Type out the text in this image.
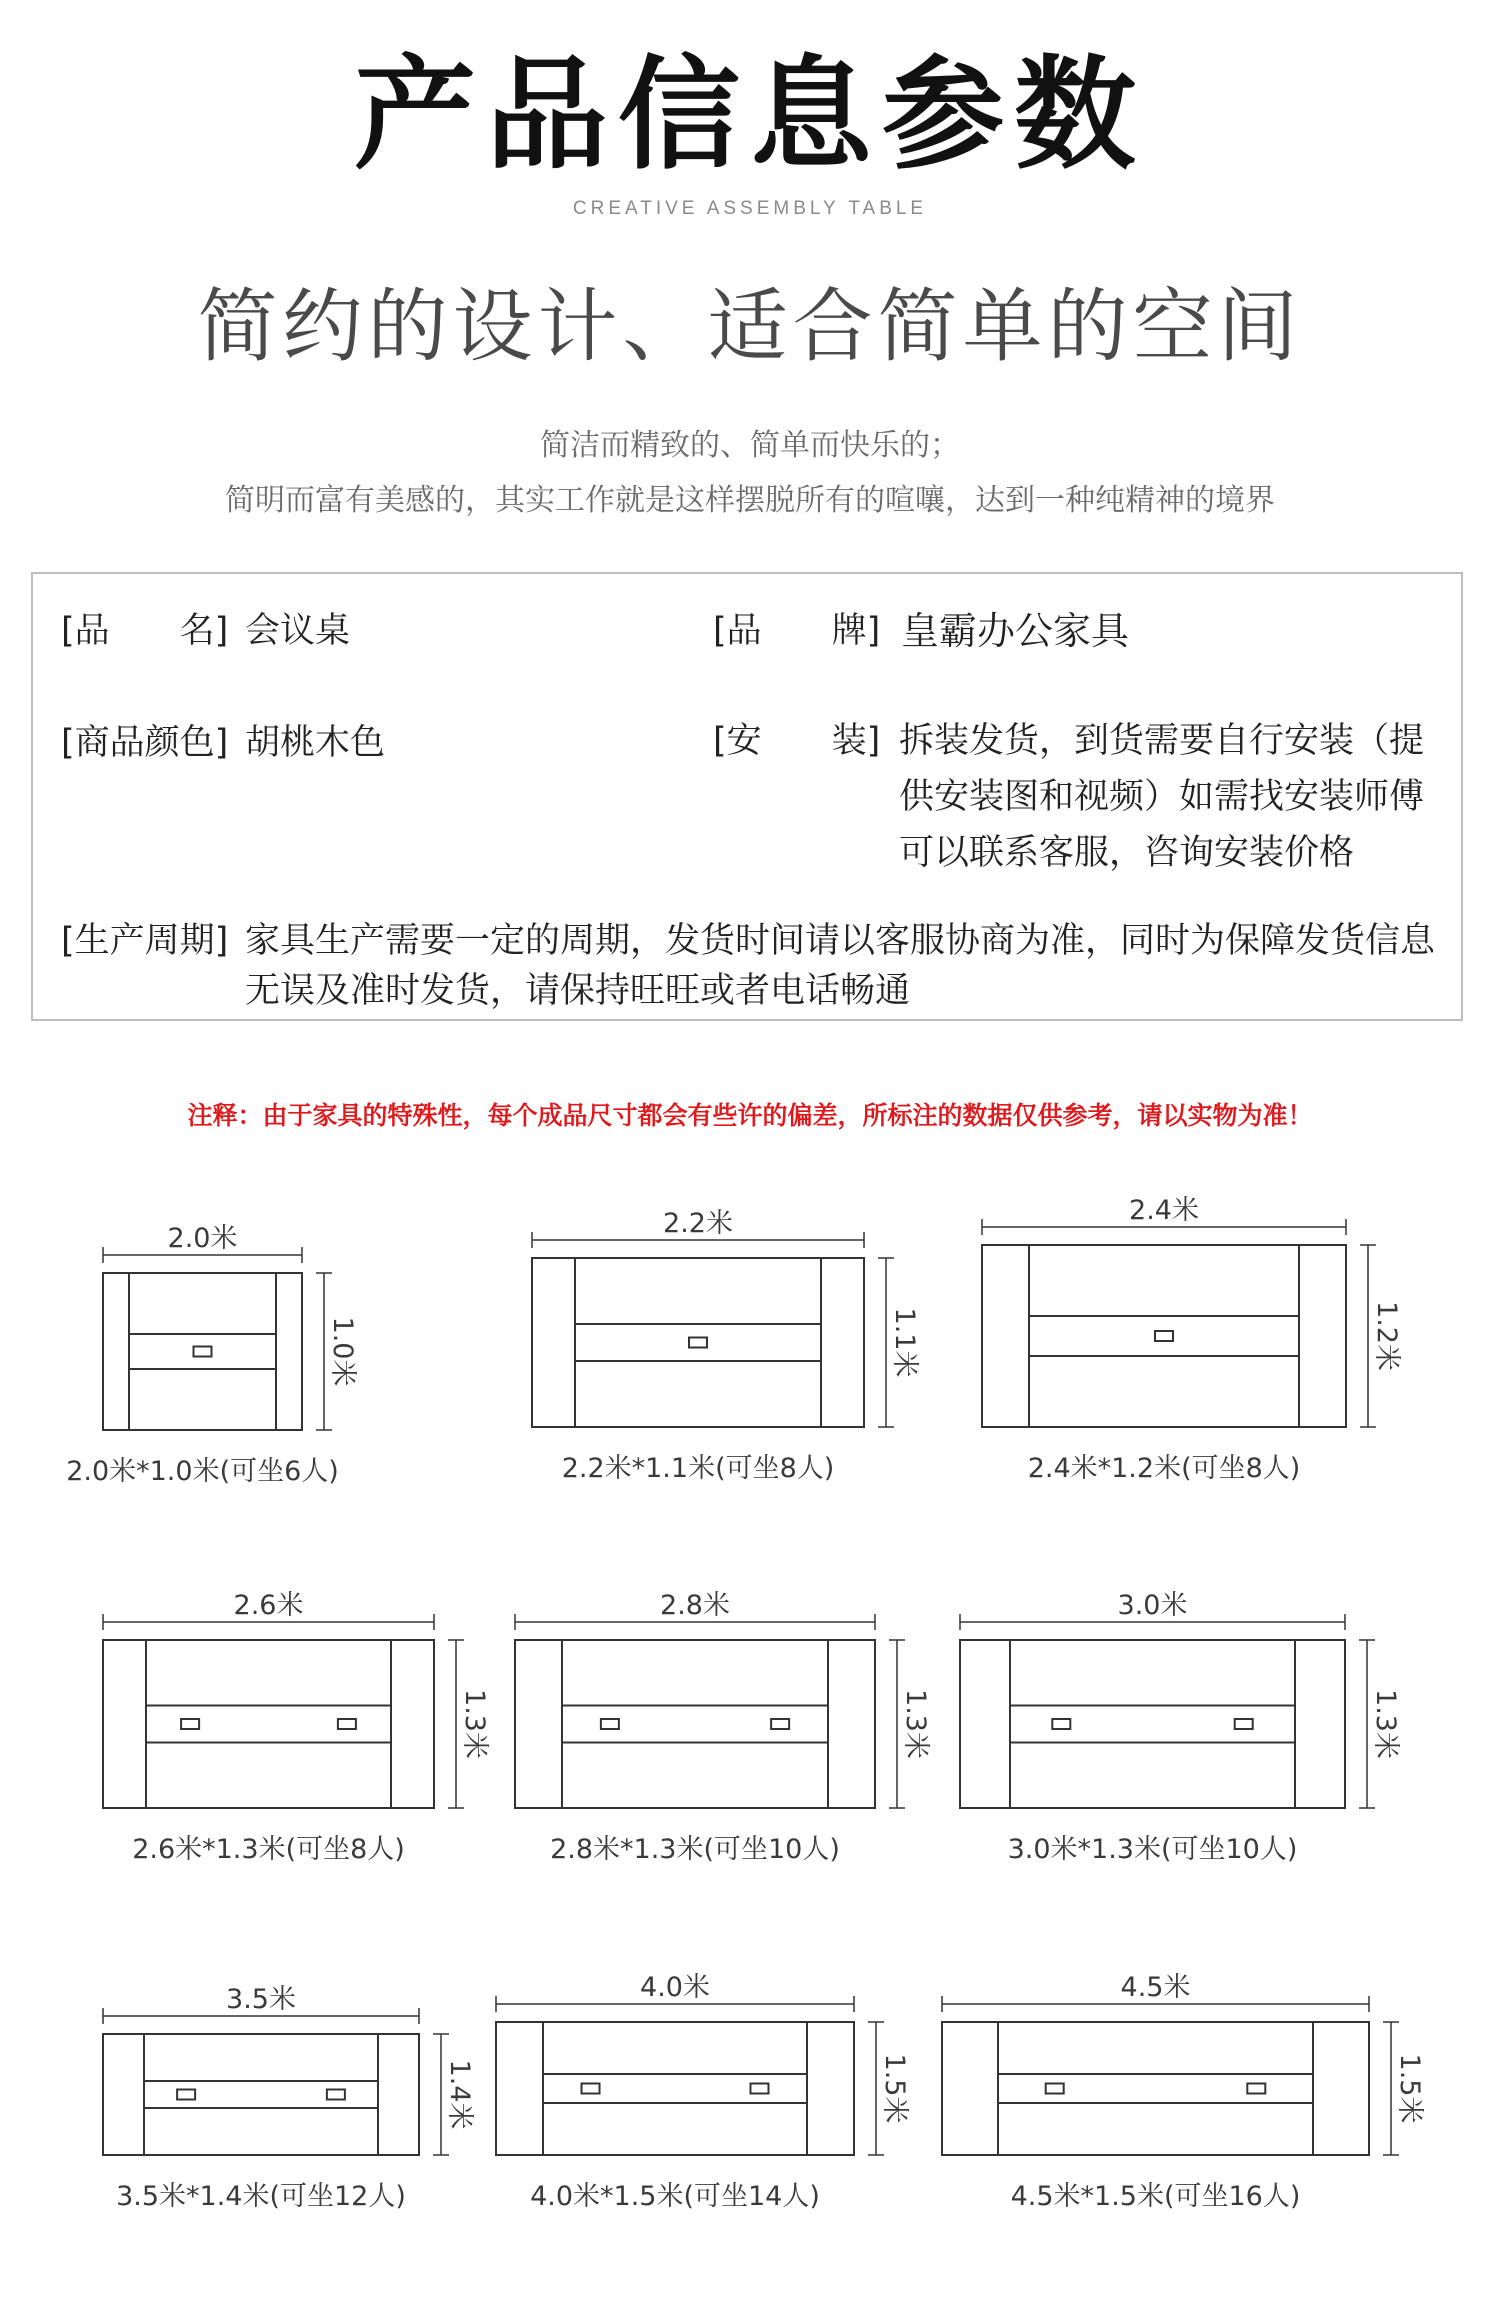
产品信息参数
CREATIVE ASSEMBLY TABLE
简约的设计、适合简单的空间
简洁而精致的、简单而快乐的；
简明而富有美感的，其实工作就是这样摆脱所有的喧嚷，达到一种纯精神的境界
[品　　名] 会议桌	[品　　牌] 皇霸办公家具
[商品颜色] 胡桃木色	[安　　装] 拆装发货，到货需要自行安装（提
供安装图和视频）如需找安装师傅
可以联系客服，咨询安装价格
[生产周期] 家具生产需要一定的周期，发货时间请以客服协商为准，同时为保障发货信息
无误及准时发货，请保持旺旺或者电话畅通
注释：由于家具的特殊性，每个成品尺寸都会有些许的偏差，所标注的数据仅供参考，请以实物为准！
2.0米
1.0米
2.0米*1.0米(可坐6人)
2.2米
1.1米
2.2米*1.1米(可坐8人)
2.4米
1.2米
2.4米*1.2米(可坐8人)
2.6米
1.3米
2.6米*1.3米(可坐8人)
2.8米
1.3米
2.8米*1.3米(可坐10人)
3.0米
1.3米
3.0米*1.3米(可坐10人)
3.5米
1.4米
3.5米*1.4米(可坐12人)
4.0米
1.5米
4.0米*1.5米(可坐14人)
4.5米
1.5米
4.5米*1.5米(可坐16人)
